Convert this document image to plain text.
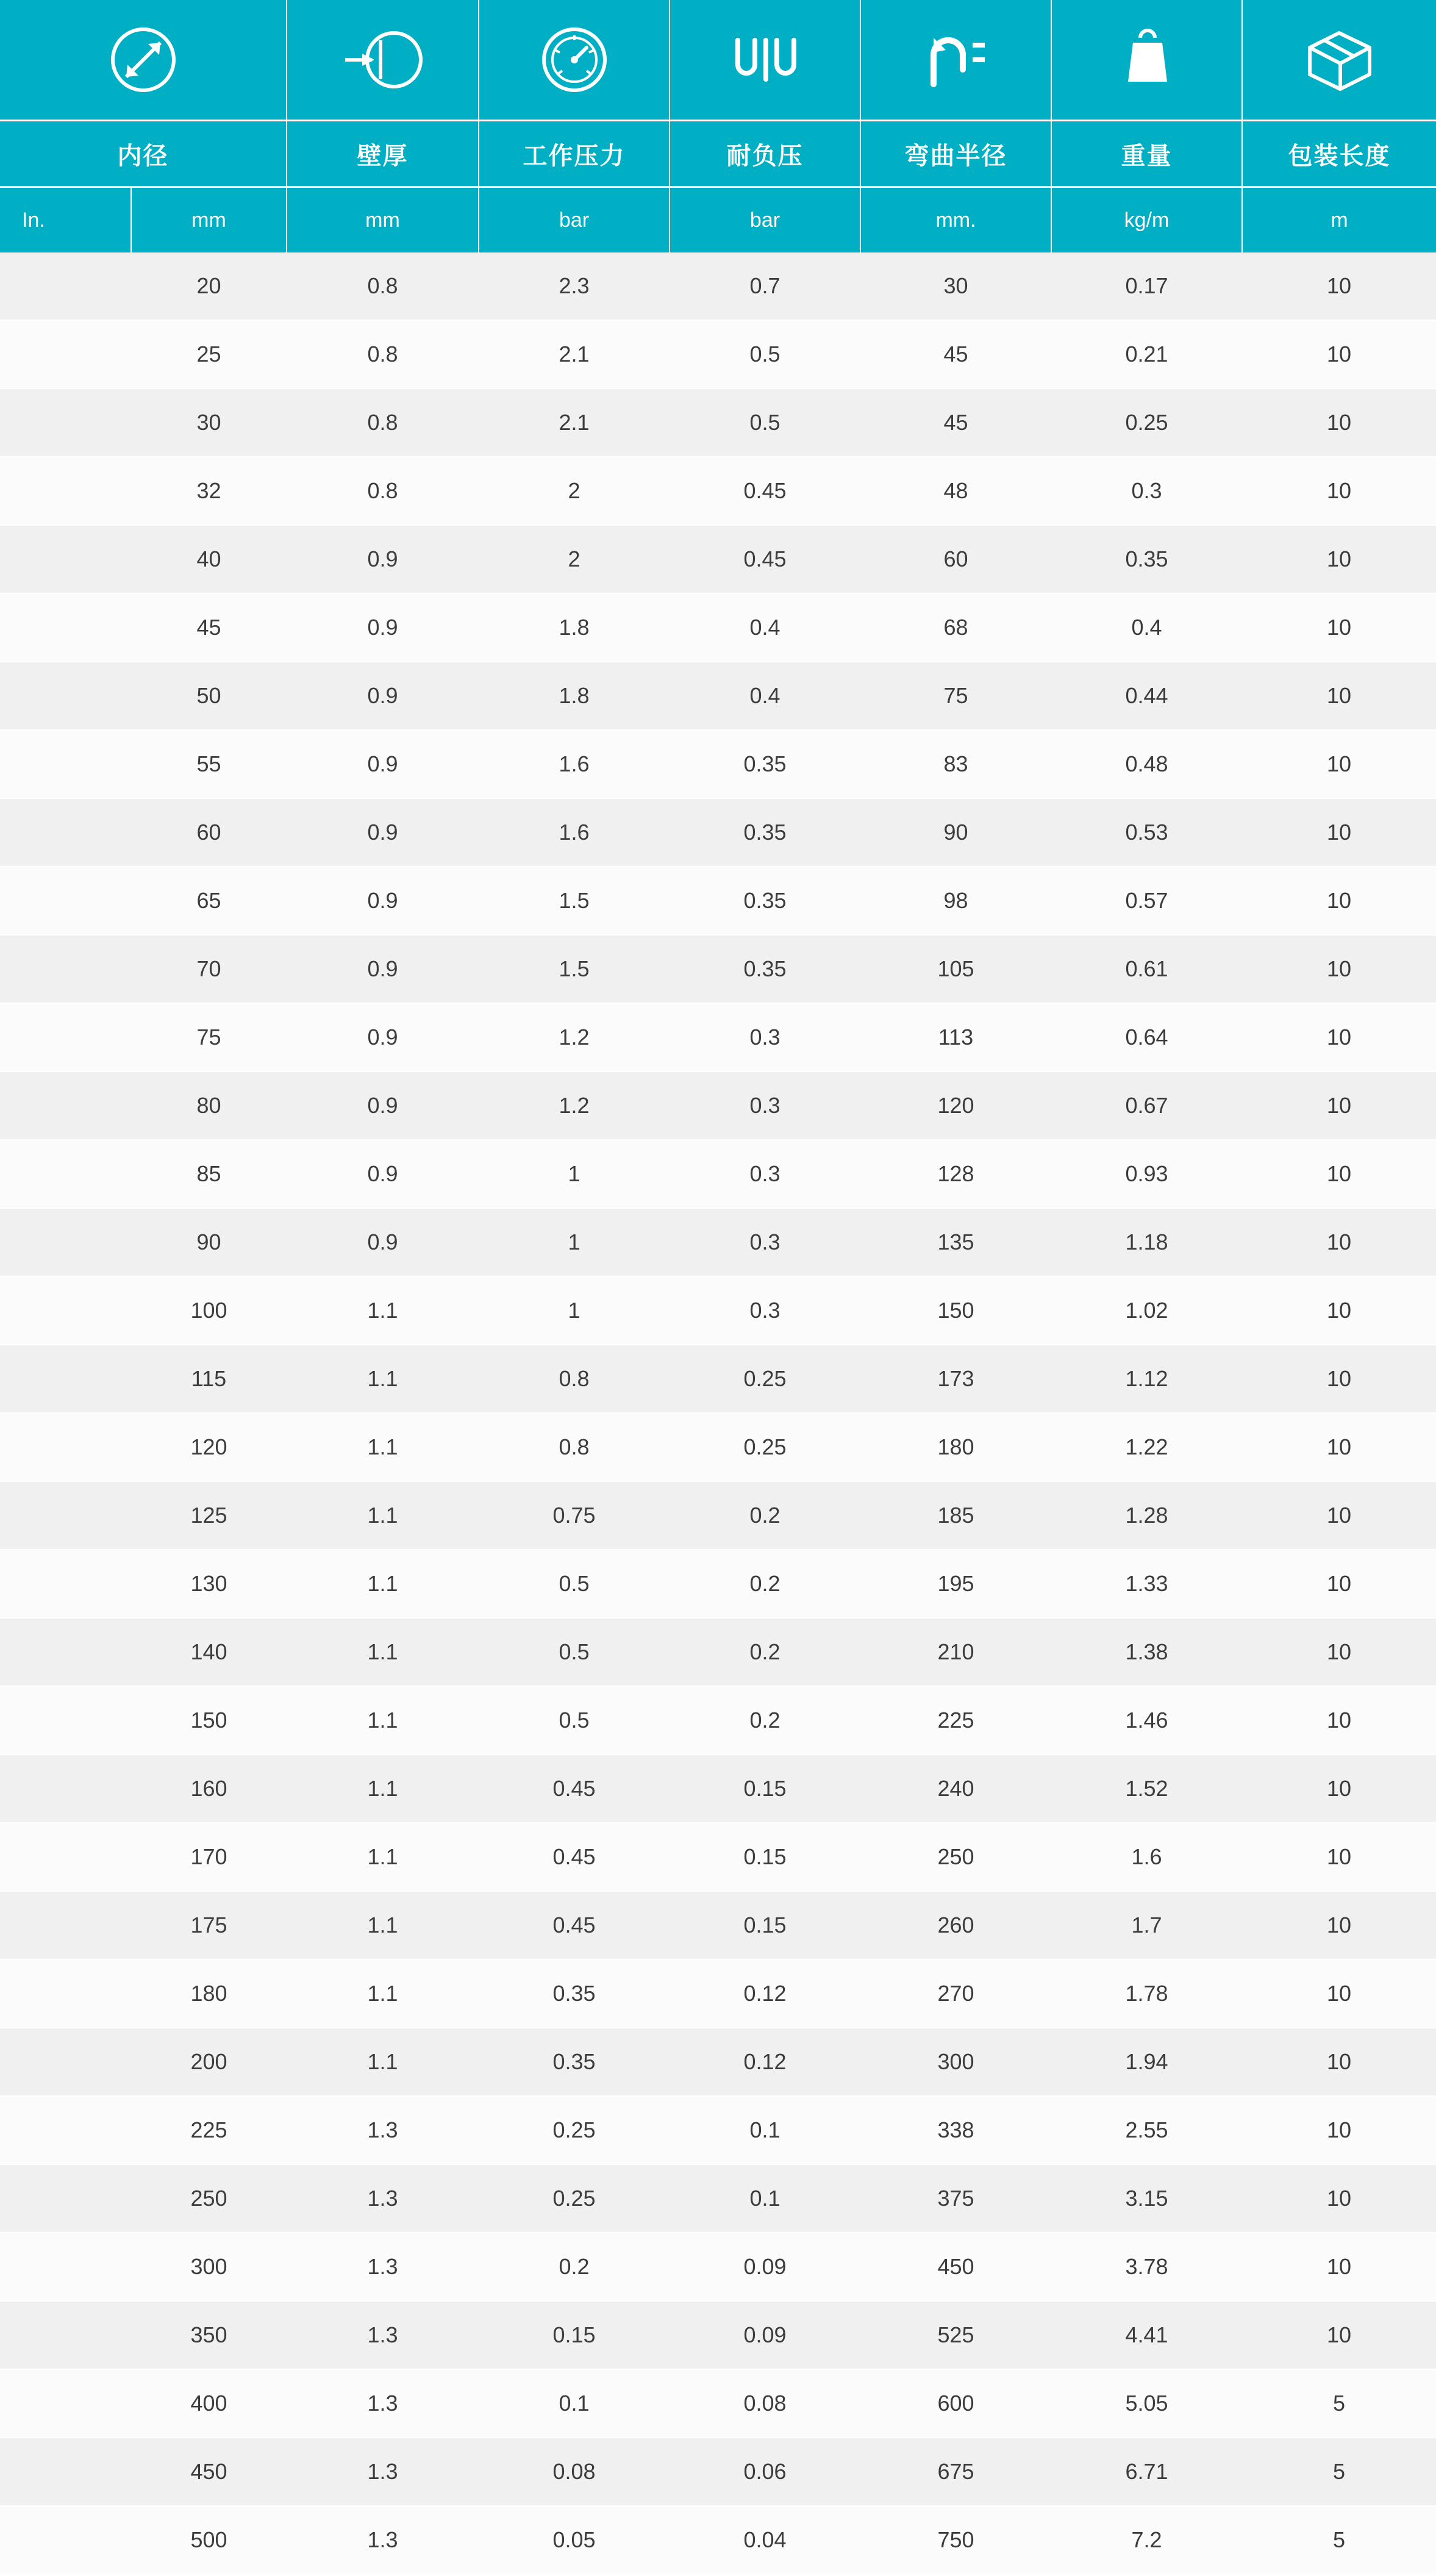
内径		壁厚	工作压力	耐负压	弯曲半径	重量	包装长度
In.	mm	mm	bar	bar	mm.	kg/m	m
	20	0.8	2.3	0.7	30	0.17	10
	25	0.8	2.1	0.5	45	0.21	10
	30	0.8	2.1	0.5	45	0.25	10
	32	0.8	2	0.45	48	0.3	10
	40	0.9	2	0.45	60	0.35	10
	45	0.9	1.8	0.4	68	0.4	10
	50	0.9	1.8	0.4	75	0.44	10
	55	0.9	1.6	0.35	83	0.48	10
	60	0.9	1.6	0.35	90	0.53	10
	65	0.9	1.5	0.35	98	0.57	10
	70	0.9	1.5	0.35	105	0.61	10
	75	0.9	1.2	0.3	113	0.64	10
	80	0.9	1.2	0.3	120	0.67	10
	85	0.9	1	0.3	128	0.93	10
	90	0.9	1	0.3	135	1.18	10
	100	1.1	1	0.3	150	1.02	10
	115	1.1	0.8	0.25	173	1.12	10
	120	1.1	0.8	0.25	180	1.22	10
	125	1.1	0.75	0.2	185	1.28	10
	130	1.1	0.5	0.2	195	1.33	10
	140	1.1	0.5	0.2	210	1.38	10
	150	1.1	0.5	0.2	225	1.46	10
	160	1.1	0.45	0.15	240	1.52	10
	170	1.1	0.45	0.15	250	1.6	10
	175	1.1	0.45	0.15	260	1.7	10
	180	1.1	0.35	0.12	270	1.78	10
	200	1.1	0.35	0.12	300	1.94	10
	225	1.3	0.25	0.1	338	2.55	10
	250	1.3	0.25	0.1	375	3.15	10
	300	1.3	0.2	0.09	450	3.78	10
	350	1.3	0.15	0.09	525	4.41	10
	400	1.3	0.1	0.08	600	5.05	5
	450	1.3	0.08	0.06	675	6.71	5
	500	1.3	0.05	0.04	750	7.2	5
